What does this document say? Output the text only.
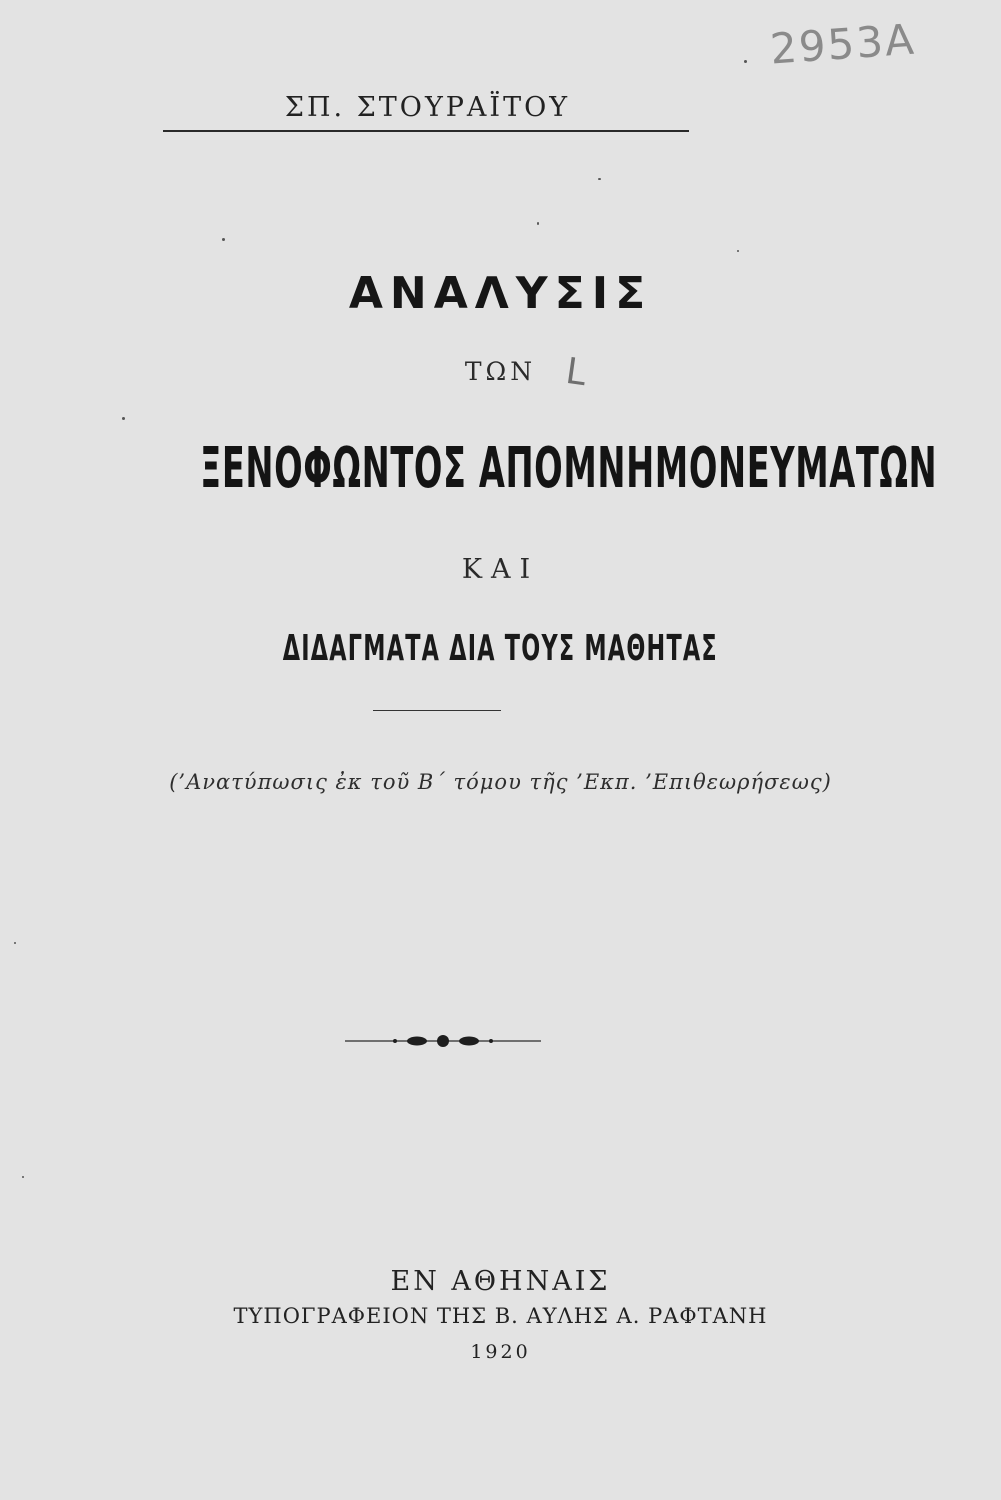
2953Α
ΣΠ. ΣΤΟΥΡΑΪΤΟΥ
ΑΝΑΛΥΣΙΣ
ΤΩΝ ᒪ
ΞΕΝΟΦΩΝΤΟΣ ΑΠΟΜΝΗΜΟΝΕΥΜΑΤΩΝ
ΚΑΙ
ΔΙΔΑΓΜΑΤΑ ΔΙΑ ΤΟΥΣ ΜΑΘΗΤΑΣ
(’Ανατύπωσις ἐκ τοῦ Β΄ τόμου τῆς ’Εκπ. ’Επιθεωρήσεως)
ΕΝ ΑΘΗΝΑΙΣ
ΤΥΠΟΓΡΑΦΕΙΟΝ ΤΗΣ Β. ΑΥΛΗΣ Α. ΡΑΦΤΑΝΗ
1920
